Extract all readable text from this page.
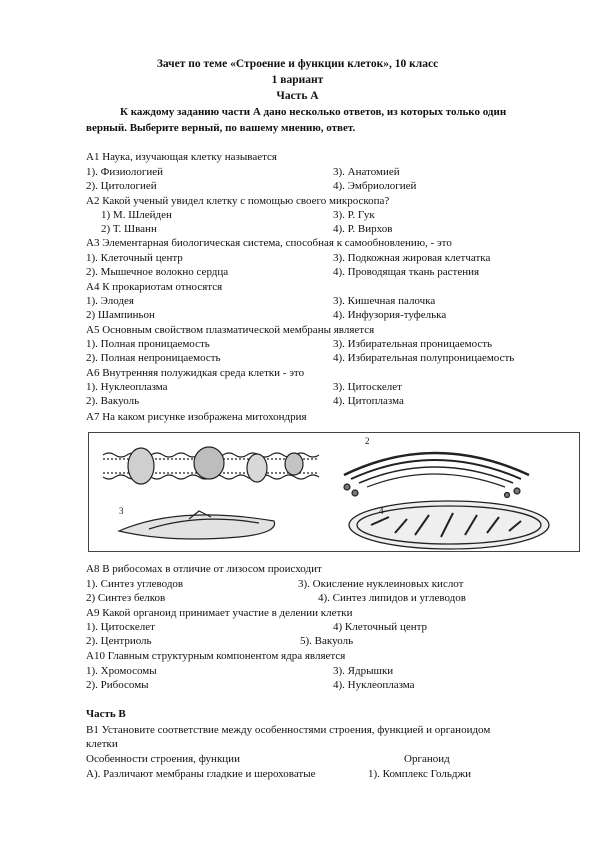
Зачет по теме «Строение и функции клеток», 10 класс
1 вариант
Часть А
К каждому заданию части А дано несколько ответов, из которых только один
верный. Выберите верный, по вашему мнению, ответ.
А1 Наука, изучающая клетку называется
1). Физиологией	3). Анатомией
2). Цитологией	4). Эмбриологией
А2 Какой ученый увидел клетку с помощью своего микроскопа?
1) М. Шлейден	3). Р. Гук
2) Т. Шванн	4). Р. Вирхов
А3 Элементарная биологическая система, способная к самообновлению, - это
1). Клеточный центр	3). Подкожная жировая клетчатка
2). Мышечное волокно сердца	4). Проводящая ткань растения
А4 К прокариотам относятся
1). Элодея	3). Кишечная палочка
2) Шампиньон	4). Инфузория-туфелька
А5 Основным свойством плазматической мембраны является
1). Полная проницаемость	3). Избирательная проницаемость
2). Полная непроницаемость	4). Избирательная полупроницаемость
А6 Внутренняя полужидкая среда клетки - это
1). Нуклеоплазма	3). Цитоскелет
2). Вакуоль	4). Цитоплазма
А7 На каком рисунке изображена митохондрия
2
3	4
А8 В рибосомах в отличие от лизосом происходит
1). Синтез углеводов	3). Окисление нуклеиновых кислот
2) Синтез белков	4). Синтез липидов и углеводов
А9 Какой органоид принимает участие в делении клетки
1). Цитоскелет	4) Клеточный центр
2). Центриоль	5). Вакуоль
А10 Главным структурным компонентом ядра является
1). Хромосомы	3). Ядрышки
2). Рибосомы	4). Нуклеоплазма
Часть В
В1 Установите соответствие между особенностями строения, функцией и органоидом
клетки
Особенности строения, функции	Органоид
А). Различают мембраны гладкие и шероховатые	1). Комплекс Гольджи
